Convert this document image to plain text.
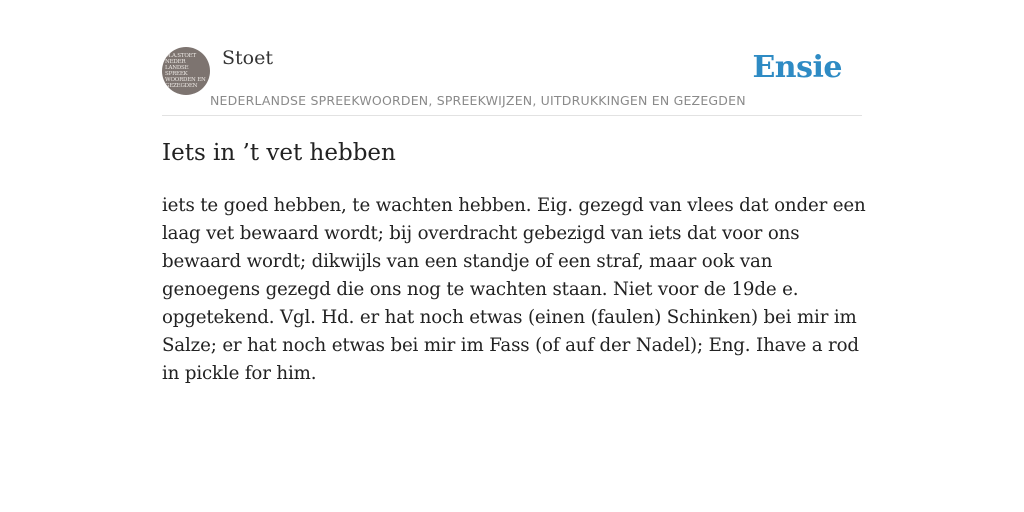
M.A.STOET
NEDER
LANDSE
SPREEK
WOORDEN EN
GEZEGDEN
Stoet
NEDERLANDSE SPREEKWOORDEN, SPREEKWIJZEN, UITDRUKKINGEN EN GEZEGDEN
Ensie
Iets in ’t vet hebben

iets te goed hebben, te wachten hebben. Eig. gezegd van vlees dat onder een laag vet bewaard wordt; bij overdracht gebezigd van iets dat voor ons bewaard wordt; dikwijls van een standje of een straf, maar ook van genoegens gezegd die ons nog te wachten staan. Niet voor de 19de e. opgetekend. Vgl. Hd. er hat noch etwas (einen (faulen) Schinken) bei mir im Salze; er hat noch etwas bei mir im Fass (of auf der Nadel); Eng. Ihave a rod in pickle for him.
